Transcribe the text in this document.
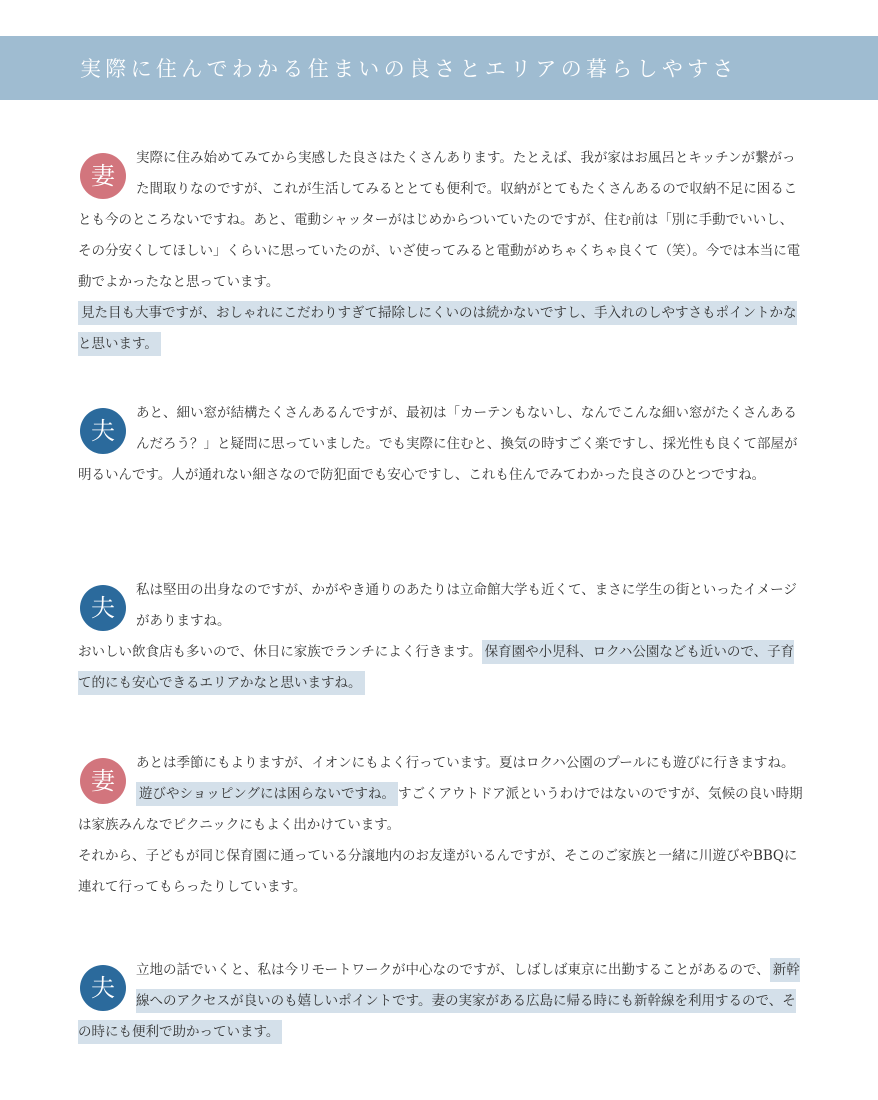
実際に住んでわかる住まいの良さとエリアの暮らしやすさ
妻

実際に住み始めてみてから実感した良さはたくさんあります。たとえば、我が家はお風呂とキッチンが繋がった間取りなのですが、これが生活してみるととても便利で。収納がとてもたくさんあるので収納不足に困ることも今のところないですね。あと、電動シャッターがはじめからついていたのですが、住む前は「別に手動でいいし、その分安くしてほしい」くらいに思っていたのが、いざ使ってみると電動がめちゃくちゃ良くて（笑）。今では本当に電動でよかったなと思っています。

見た目も大事ですが、おしゃれにこだわりすぎて掃除しにくいのは続かないですし、手入れのしやすさもポイントかなと思います。

夫

あと、細い窓が結構たくさんあるんですが、最初は「カーテンもないし、なんでこんな細い窓がたくさんあるんだろう？」と疑問に思っていました。でも実際に住むと、換気の時すごく楽ですし、採光性も良くて部屋が明るいんです。人が通れない細さなので防犯面でも安心ですし、これも住んでみてわかった良さのひとつですね。

夫

私は堅田の出身なのですが、かがやき通りのあたりは立命館大学も近くて、まさに学生の街といったイメージがありますね。

おいしい飲食店も多いので、休日に家族でランチによく行きます。 保育園や小児科、ロクハ公園なども近いので、子育て的にも安心できるエリアかなと思いますね。

妻

あとは季節にもよりますが、イオンにもよく行っています。夏はロクハ公園のプールにも遊びに行きますね。遊びやショッピングには困らないですね。 すごくアウトドア派というわけではないのですが、気候の良い時期は家族みんなでピクニックにもよく出かけています。

それから、子どもが同じ保育園に通っている分譲地内のお友達がいるんですが、そこのご家族と一緒に川遊びやBBQに連れて行ってもらったりしています。

夫

立地の話でいくと、私は今リモートワークが中心なのですが、しばしば東京に出勤することがあるので、 新幹線へのアクセスが良いのも嬉しいポイントです。妻の実家がある広島に帰る時にも新幹線を利用するので、その時にも便利で助かっています。
